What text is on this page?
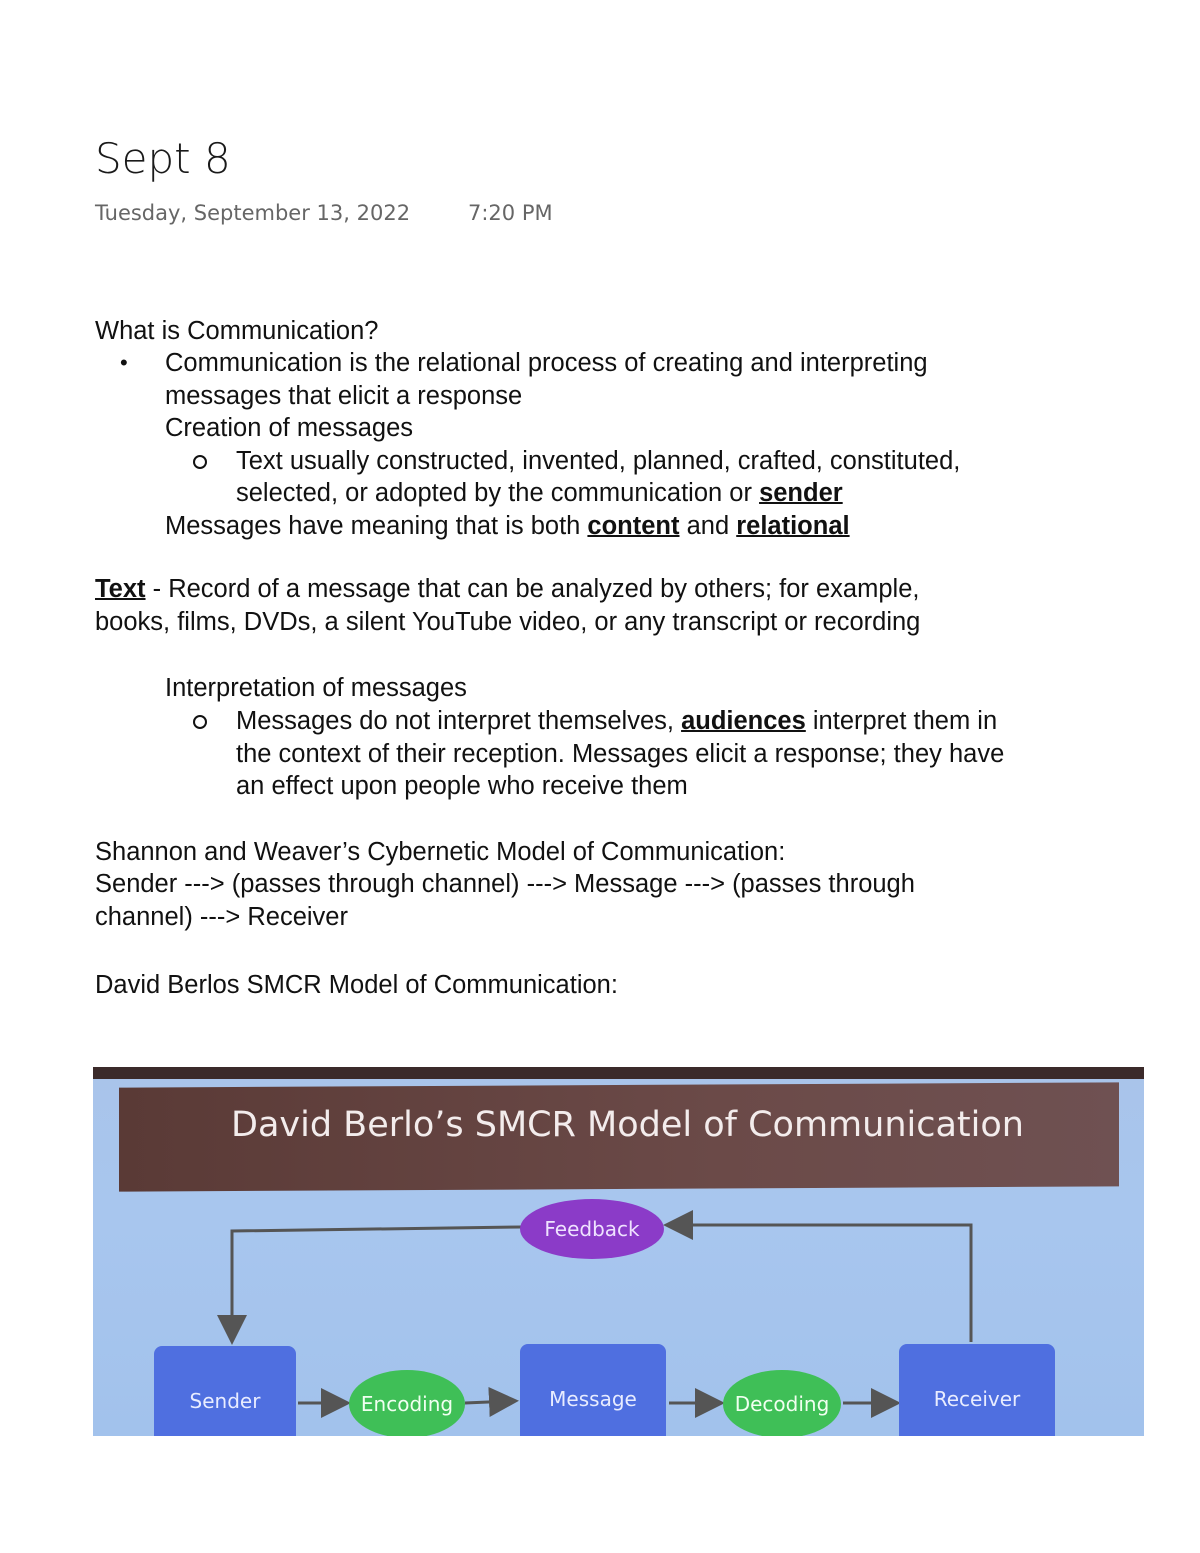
Sept 8
Tuesday, September 13, 2022	7:20 PM
What is Communication?
• Communication is the relational process of creating and interpreting
messages that elicit a response
Creation of messages
Text usually constructed, invented, planned, crafted, constituted,
selected, or adopted by the communication or sender
Messages have meaning that is both content and relational
Text - Record of a message that can be analyzed by others; for example,
books, films, DVDs, a silent YouTube video, or any transcript or recording
Interpretation of messages
Messages do not interpret themselves, audiences interpret them in
the context of their reception. Messages elicit a response; they have
an effect upon people who receive them
Shannon and Weaver’s Cybernetic Model of Communication:
Sender ---> (passes through channel) ---> Message ---> (passes through
channel) ---> Receiver
David Berlos SMCR Model of Communication:
David Berlo’s SMCR Model of Communication
Feedback
Sender	Encoding	Message	Decoding	Receiver
